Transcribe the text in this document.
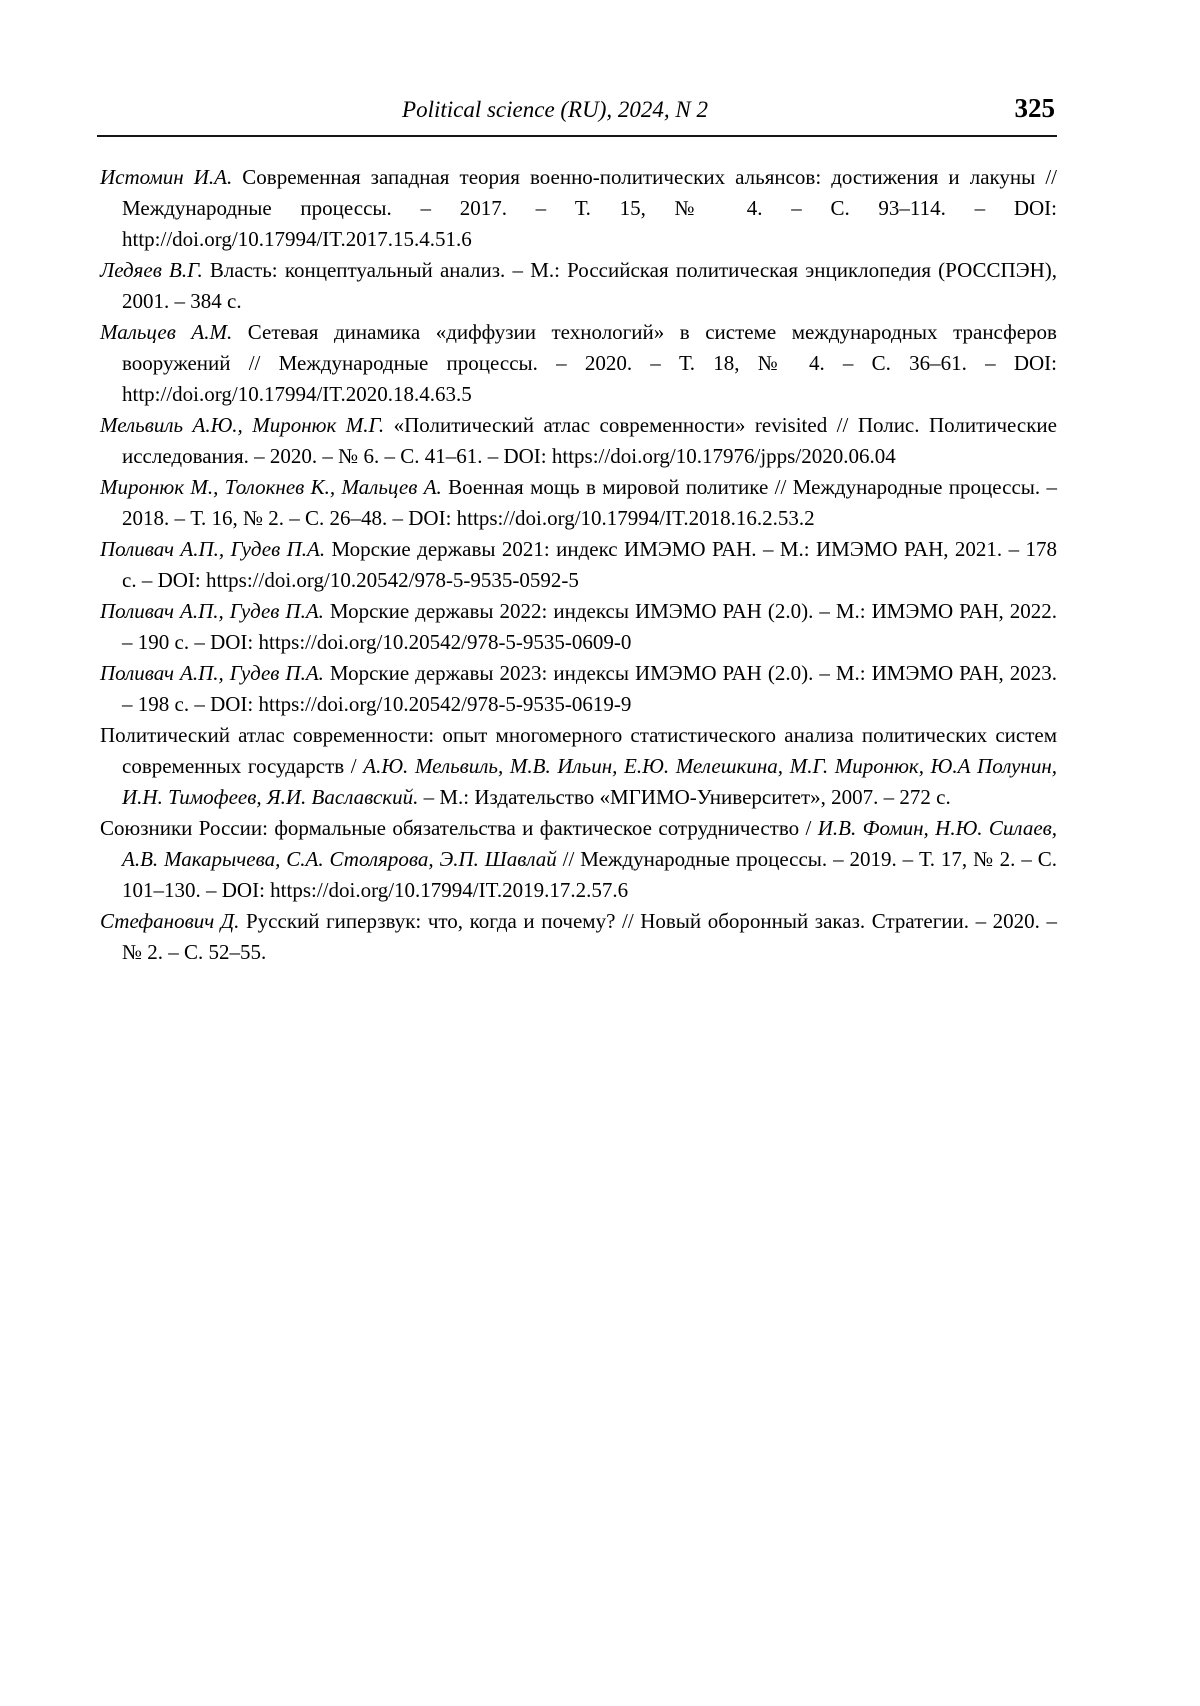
Political science (RU), 2024, N 2	325

Истомин И.А. Современная западная теория военно-политических альянсов: достижения и лакуны // Международные процессы. – 2017. – Т. 15, № 4. – С. 93–114. – DOI: http://doi.org/10.17994/IT.2017.15.4.51.6

Ледяев В.Г. Власть: концептуальный анализ. – М.: Российская политическая энциклопедия (РОССПЭН), 2001. – 384 с.

Мальцев А.М. Сетевая динамика «диффузии технологий» в системе международных трансферов вооружений // Международные процессы. – 2020. – Т. 18, № 4. – С. 36–61. – DOI: http://doi.org/10.17994/IT.2020.18.4.63.5

Мельвиль А.Ю., Миронюк М.Г. «Политический атлас современности» revisited // Полис. Политические исследования. – 2020. – № 6. – С. 41–61. – DOI: https://doi.org/10.17976/jpps/2020.06.04

Миронюк М., Толокнев К., Мальцев А. Военная мощь в мировой политике // Международные процессы. – 2018. – Т. 16, № 2. – С. 26–48. – DOI: https://doi.org/10.17994/IT.2018.16.2.53.2

Поливач А.П., Гудев П.А. Морские державы 2021: индекс ИМЭМО РАН. – М.: ИМЭМО РАН, 2021. – 178 с. – DOI: https://doi.org/10.20542/978-5-9535-0592-5

Поливач А.П., Гудев П.А. Морские державы 2022: индексы ИМЭМО РАН (2.0). – М.: ИМЭМО РАН, 2022. – 190 с. – DOI: https://doi.org/10.20542/978-5-9535-0609-0

Поливач А.П., Гудев П.А. Морские державы 2023: индексы ИМЭМО РАН (2.0). – М.: ИМЭМО РАН, 2023. – 198 с. – DOI: https://doi.org/10.20542/978-5-9535-0619-9

Политический атлас современности: опыт многомерного статистического анализа политических систем современных государств / А.Ю. Мельвиль, М.В. Ильин, Е.Ю. Мелешкина, М.Г. Миронюк, Ю.А Полунин, И.Н. Тимофеев, Я.И. Ваславский. – М.: Издательство «МГИМО-Университет», 2007. – 272 с.

Союзники России: формальные обязательства и фактическое сотрудничество / И.В. Фомин, Н.Ю. Силаев, А.В. Макарычева, С.А. Столярова, Э.П. Шавлай // Международные процессы. – 2019. – Т. 17, № 2. – С. 101–130. – DOI: https://doi.org/10.17994/IT.2019.17.2.57.6

Стефанович Д. Русский гиперзвук: что, когда и почему? // Новый оборонный заказ. Стратегии. – 2020. – № 2. – С. 52–55.
